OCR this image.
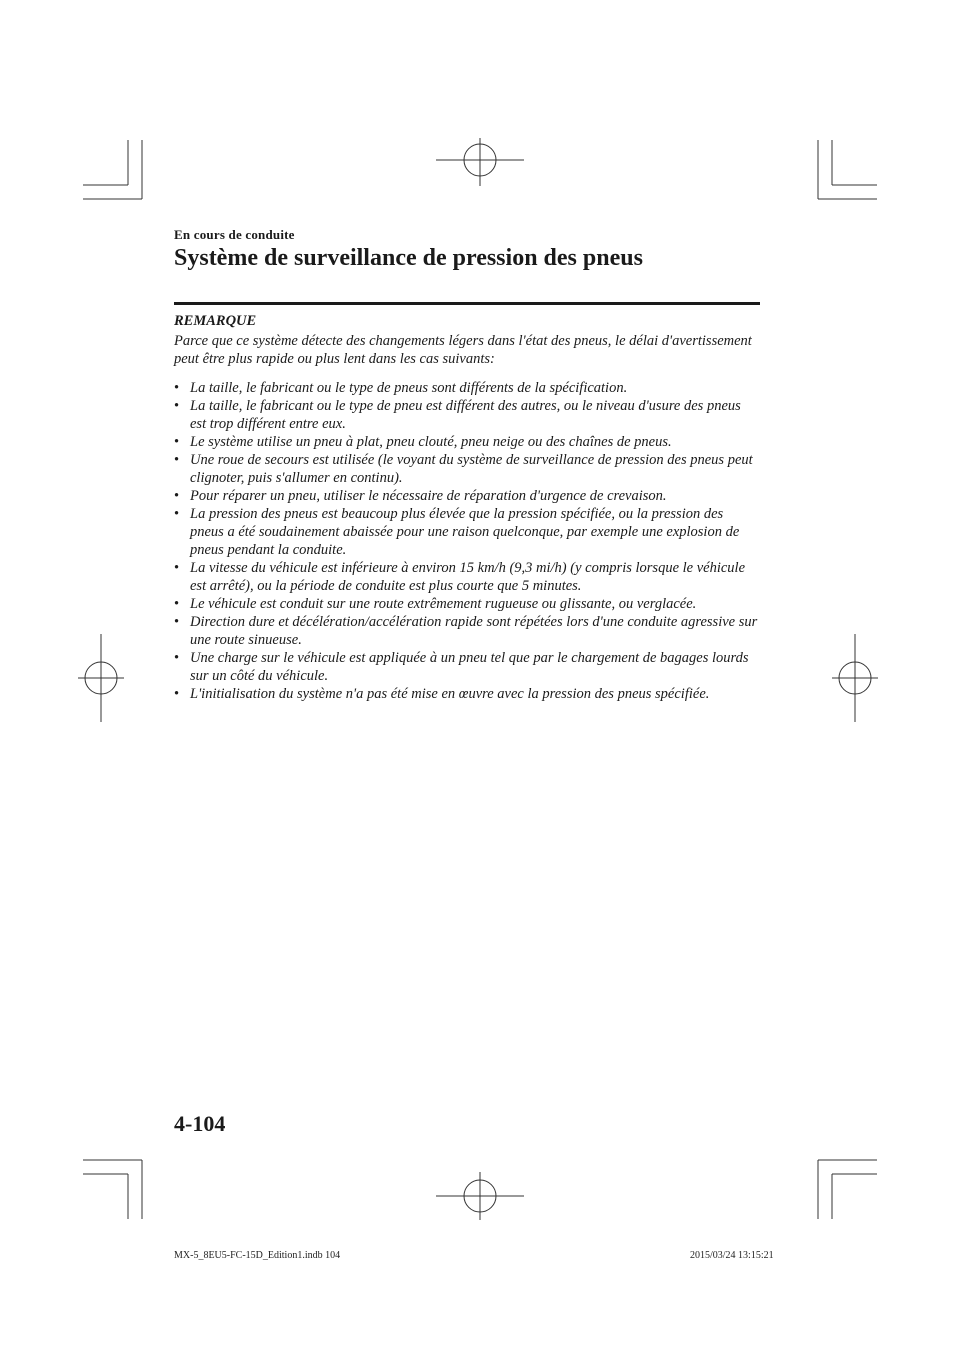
En cours de conduite
Système de surveillance de pression des pneus

REMARQUE

Parce que ce système détecte des changements légers dans l'état des pneus, le délai d'avertissement peut être plus rapide ou plus lent dans les cas suivants:

• La taille, le fabricant ou le type de pneus sont différents de la spécification.
• La taille, le fabricant ou le type de pneu est différent des autres, ou le niveau d'usure des pneus est trop différent entre eux.
• Le système utilise un pneu à plat, pneu clouté, pneu neige ou des chaînes de pneus.
• Une roue de secours est utilisée (le voyant du système de surveillance de pression des pneus peut clignoter, puis s'allumer en continu).
• Pour réparer un pneu, utiliser le nécessaire de réparation d'urgence de crevaison.
• La pression des pneus est beaucoup plus élevée que la pression spécifiée, ou la pression des pneus a été soudainement abaissée pour une raison quelconque, par exemple une explosion de pneus pendant la conduite.
• La vitesse du véhicule est inférieure à environ 15 km/h (9,3 mi/h) (y compris lorsque le véhicule est arrêté), ou la période de conduite est plus courte que 5 minutes.
• Le véhicule est conduit sur une route extrêmement rugueuse ou glissante, ou verglacée.
• Direction dure et décélération/accélération rapide sont répétées lors d'une conduite agressive sur une route sinueuse.
• Une charge sur le véhicule est appliquée à un pneu tel que par le chargement de bagages lourds sur un côté du véhicule.
• L'initialisation du système n'a pas été mise en œuvre avec la pression des pneus spécifiée.
4-104
MX-5_8EU5-FC-15D_Edition1.indb 104	2015/03/24 13:15:21
